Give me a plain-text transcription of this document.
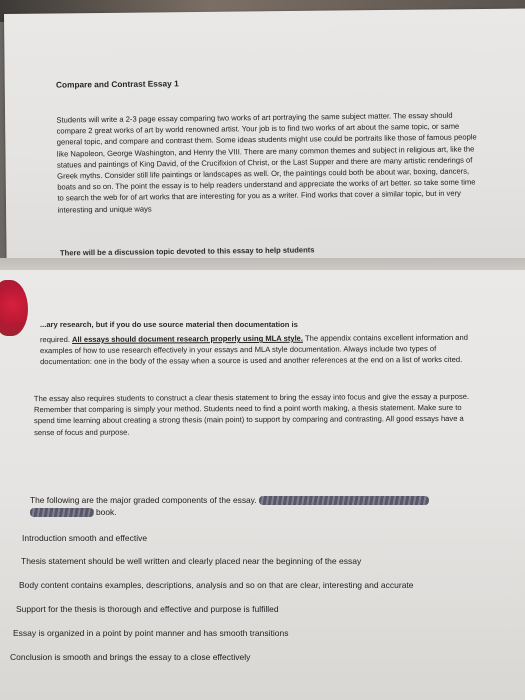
Compare and Contrast Essay 1

Students will write a 2-3 page essay comparing two works of art portraying the same subject matter. The essay should compare 2 great works of art by world renowned artist. Your job is to find two works of art about the same topic, or same general topic, and compare and contrast them. Some ideas students might use could be portraits like those of famous people like Napoleon, George Washington, and Henry the VIII. There are many common themes and subject in religious art, like the statues and paintings of King David, of the Crucifixion of Christ, or the Last Supper and there are many artistic renderings of Greek myths. Consider still life paintings or landscapes as well. Or, the paintings could both be about war, boxing, dancers, boats and so on. The point the essay is to help readers understand and appreciate the works of art better. so take some time to search the web for of art works that are interesting for you as a writer. Find works that cover a similar topic, but in very interesting and unique ways

There will be a discussion topic devoted to this essay to help students

...ary research, but if you do use source material then documentation is

required. All essays should document research properly using MLA style. The appendix contains excellent information and examples of how to use research effectively in your essays and MLA style documentation. Always include two types of documentation: one in the body of the essay when a source is used and another references at the end on a list of works cited.

The essay also requires students to construct a clear thesis statement to bring the essay into focus and give the essay a purpose. Remember that comparing is simply your method. Students need to find a point worth making, a thesis statement. Make sure to spend time learning about creating a strong thesis (main point) to support by comparing and contrasting. All good essays have a sense of focus and purpose.

The following are the major graded components of the essay.
book.

Introduction smooth and effective
Thesis statement should be well written and clearly placed near the beginning of the essay
Body content contains examples, descriptions, analysis and so on that are clear, interesting and accurate
Support for the thesis is thorough and effective and purpose is fulfilled
Essay is organized in a point by point manner and has smooth transitions
Conclusion is smooth and brings the essay to a close effectively
